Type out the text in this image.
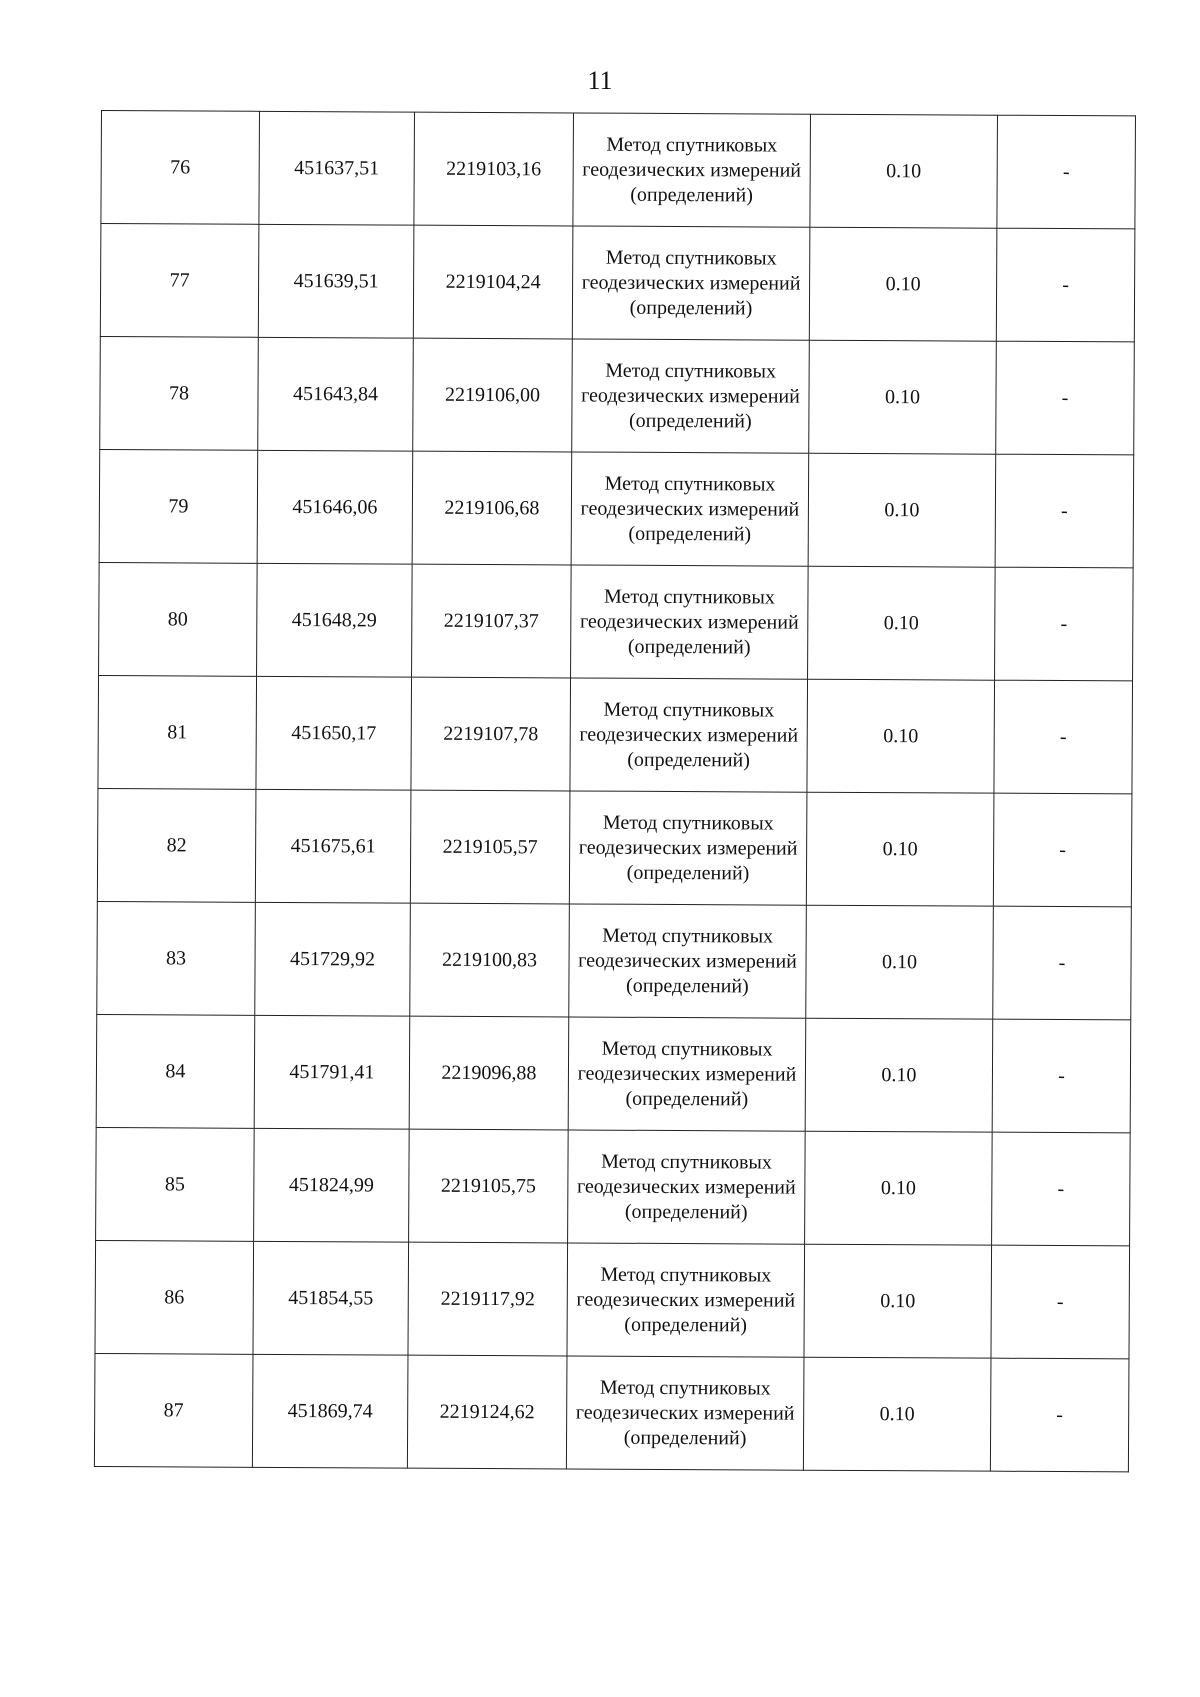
11
76	451637,51	2219103,16	Метод спутниковых геодезических измерений (определений)	0.10	-
77	451639,51	2219104,24	Метод спутниковых геодезических измерений (определений)	0.10	-
78	451643,84	2219106,00	Метод спутниковых геодезических измерений (определений)	0.10	-
79	451646,06	2219106,68	Метод спутниковых геодезических измерений (определений)	0.10	-
80	451648,29	2219107,37	Метод спутниковых геодезических измерений (определений)	0.10	-
81	451650,17	2219107,78	Метод спутниковых геодезических измерений (определений)	0.10	-
82	451675,61	2219105,57	Метод спутниковых геодезических измерений (определений)	0.10	-
83	451729,92	2219100,83	Метод спутниковых геодезических измерений (определений)	0.10	-
84	451791,41	2219096,88	Метод спутниковых геодезических измерений (определений)	0.10	-
85	451824,99	2219105,75	Метод спутниковых геодезических измерений (определений)	0.10	-
86	451854,55	2219117,92	Метод спутниковых геодезических измерений (определений)	0.10	-
87	451869,74	2219124,62	Метод спутниковых геодезических измерений (определений)	0.10	-
